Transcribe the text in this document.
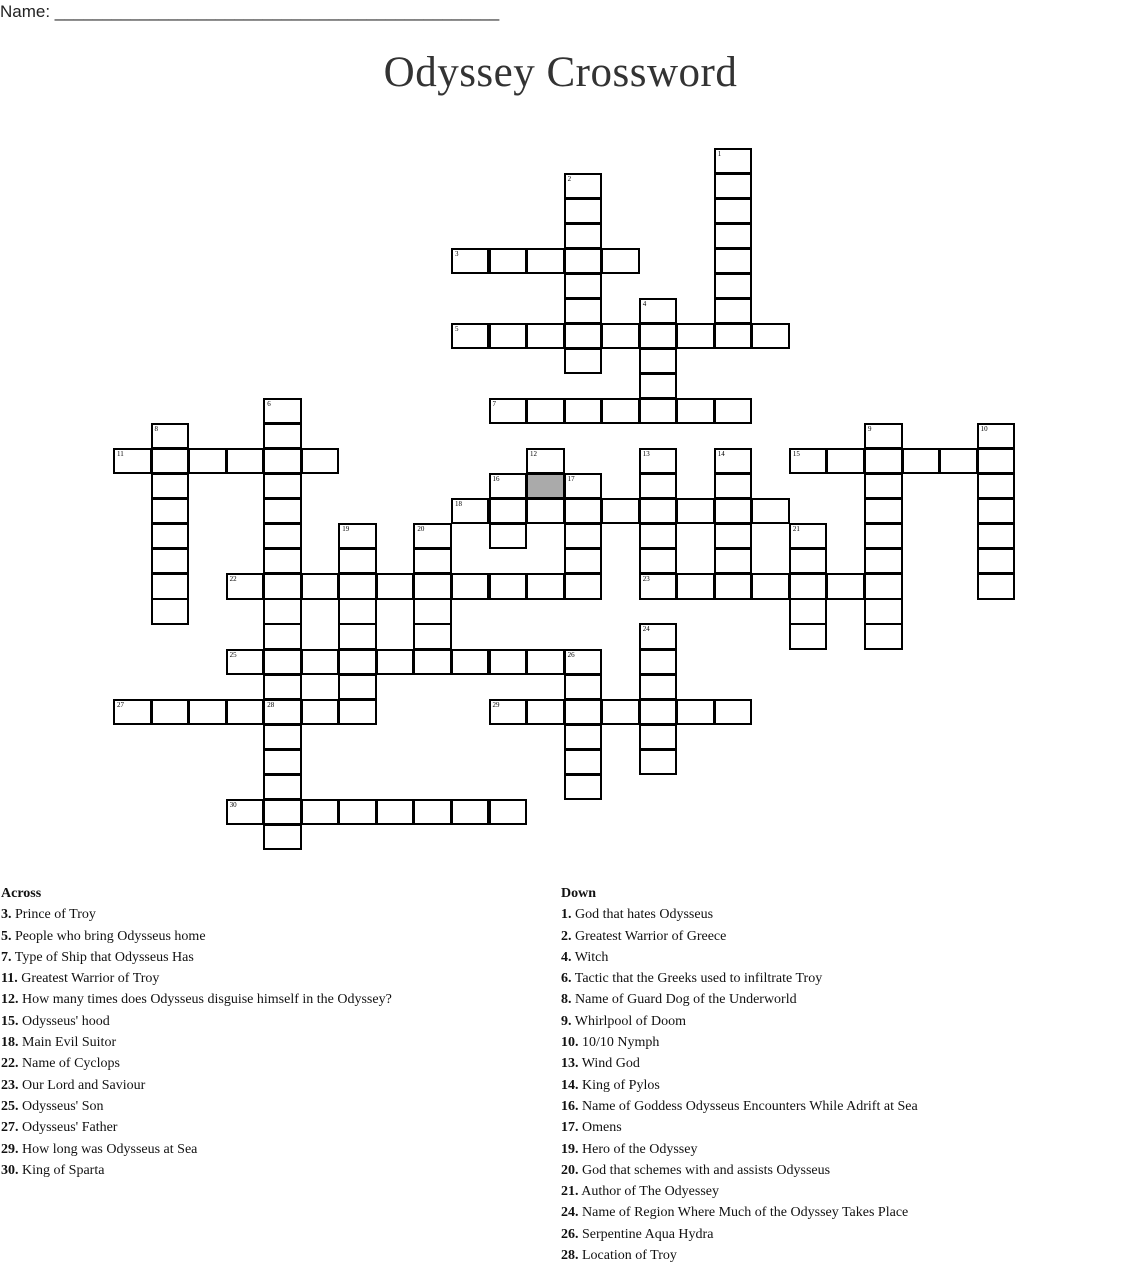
Name: _______________________________________________
Odyssey Crossword
1
2
3
4
5
6
28
7
8	9	10
11	12	13
23
14	15
16	17
18
19	20	21
22
24
25	26
27	29
30
Across
3. Prince of Troy
5. People who bring Odysseus home
7. Type of Ship that Odysseus Has
11. Greatest Warrior of Troy
12. How many times does Odysseus disguise himself in the Odyssey?
15. Odysseus' hood
18. Main Evil Suitor
22. Name of Cyclops
23. Our Lord and Saviour
25. Odysseus' Son
27. Odysseus' Father
29. How long was Odysseus at Sea
30. King of Sparta
Down
1. God that hates Odysseus
2. Greatest Warrior of Greece
4. Witch
6. Tactic that the Greeks used to infiltrate Troy
8. Name of Guard Dog of the Underworld
9. Whirlpool of Doom
10. 10/10 Nymph
13. Wind God
14. King of Pylos
16. Name of Goddess Odysseus Encounters While Adrift at Sea
17. Omens
19. Hero of the Odyssey
20. God that schemes with and assists Odysseus
21. Author of The Odyessey
24. Name of Region Where Much of the Odyssey Takes Place
26. Serpentine Aqua Hydra
28. Location of Troy
